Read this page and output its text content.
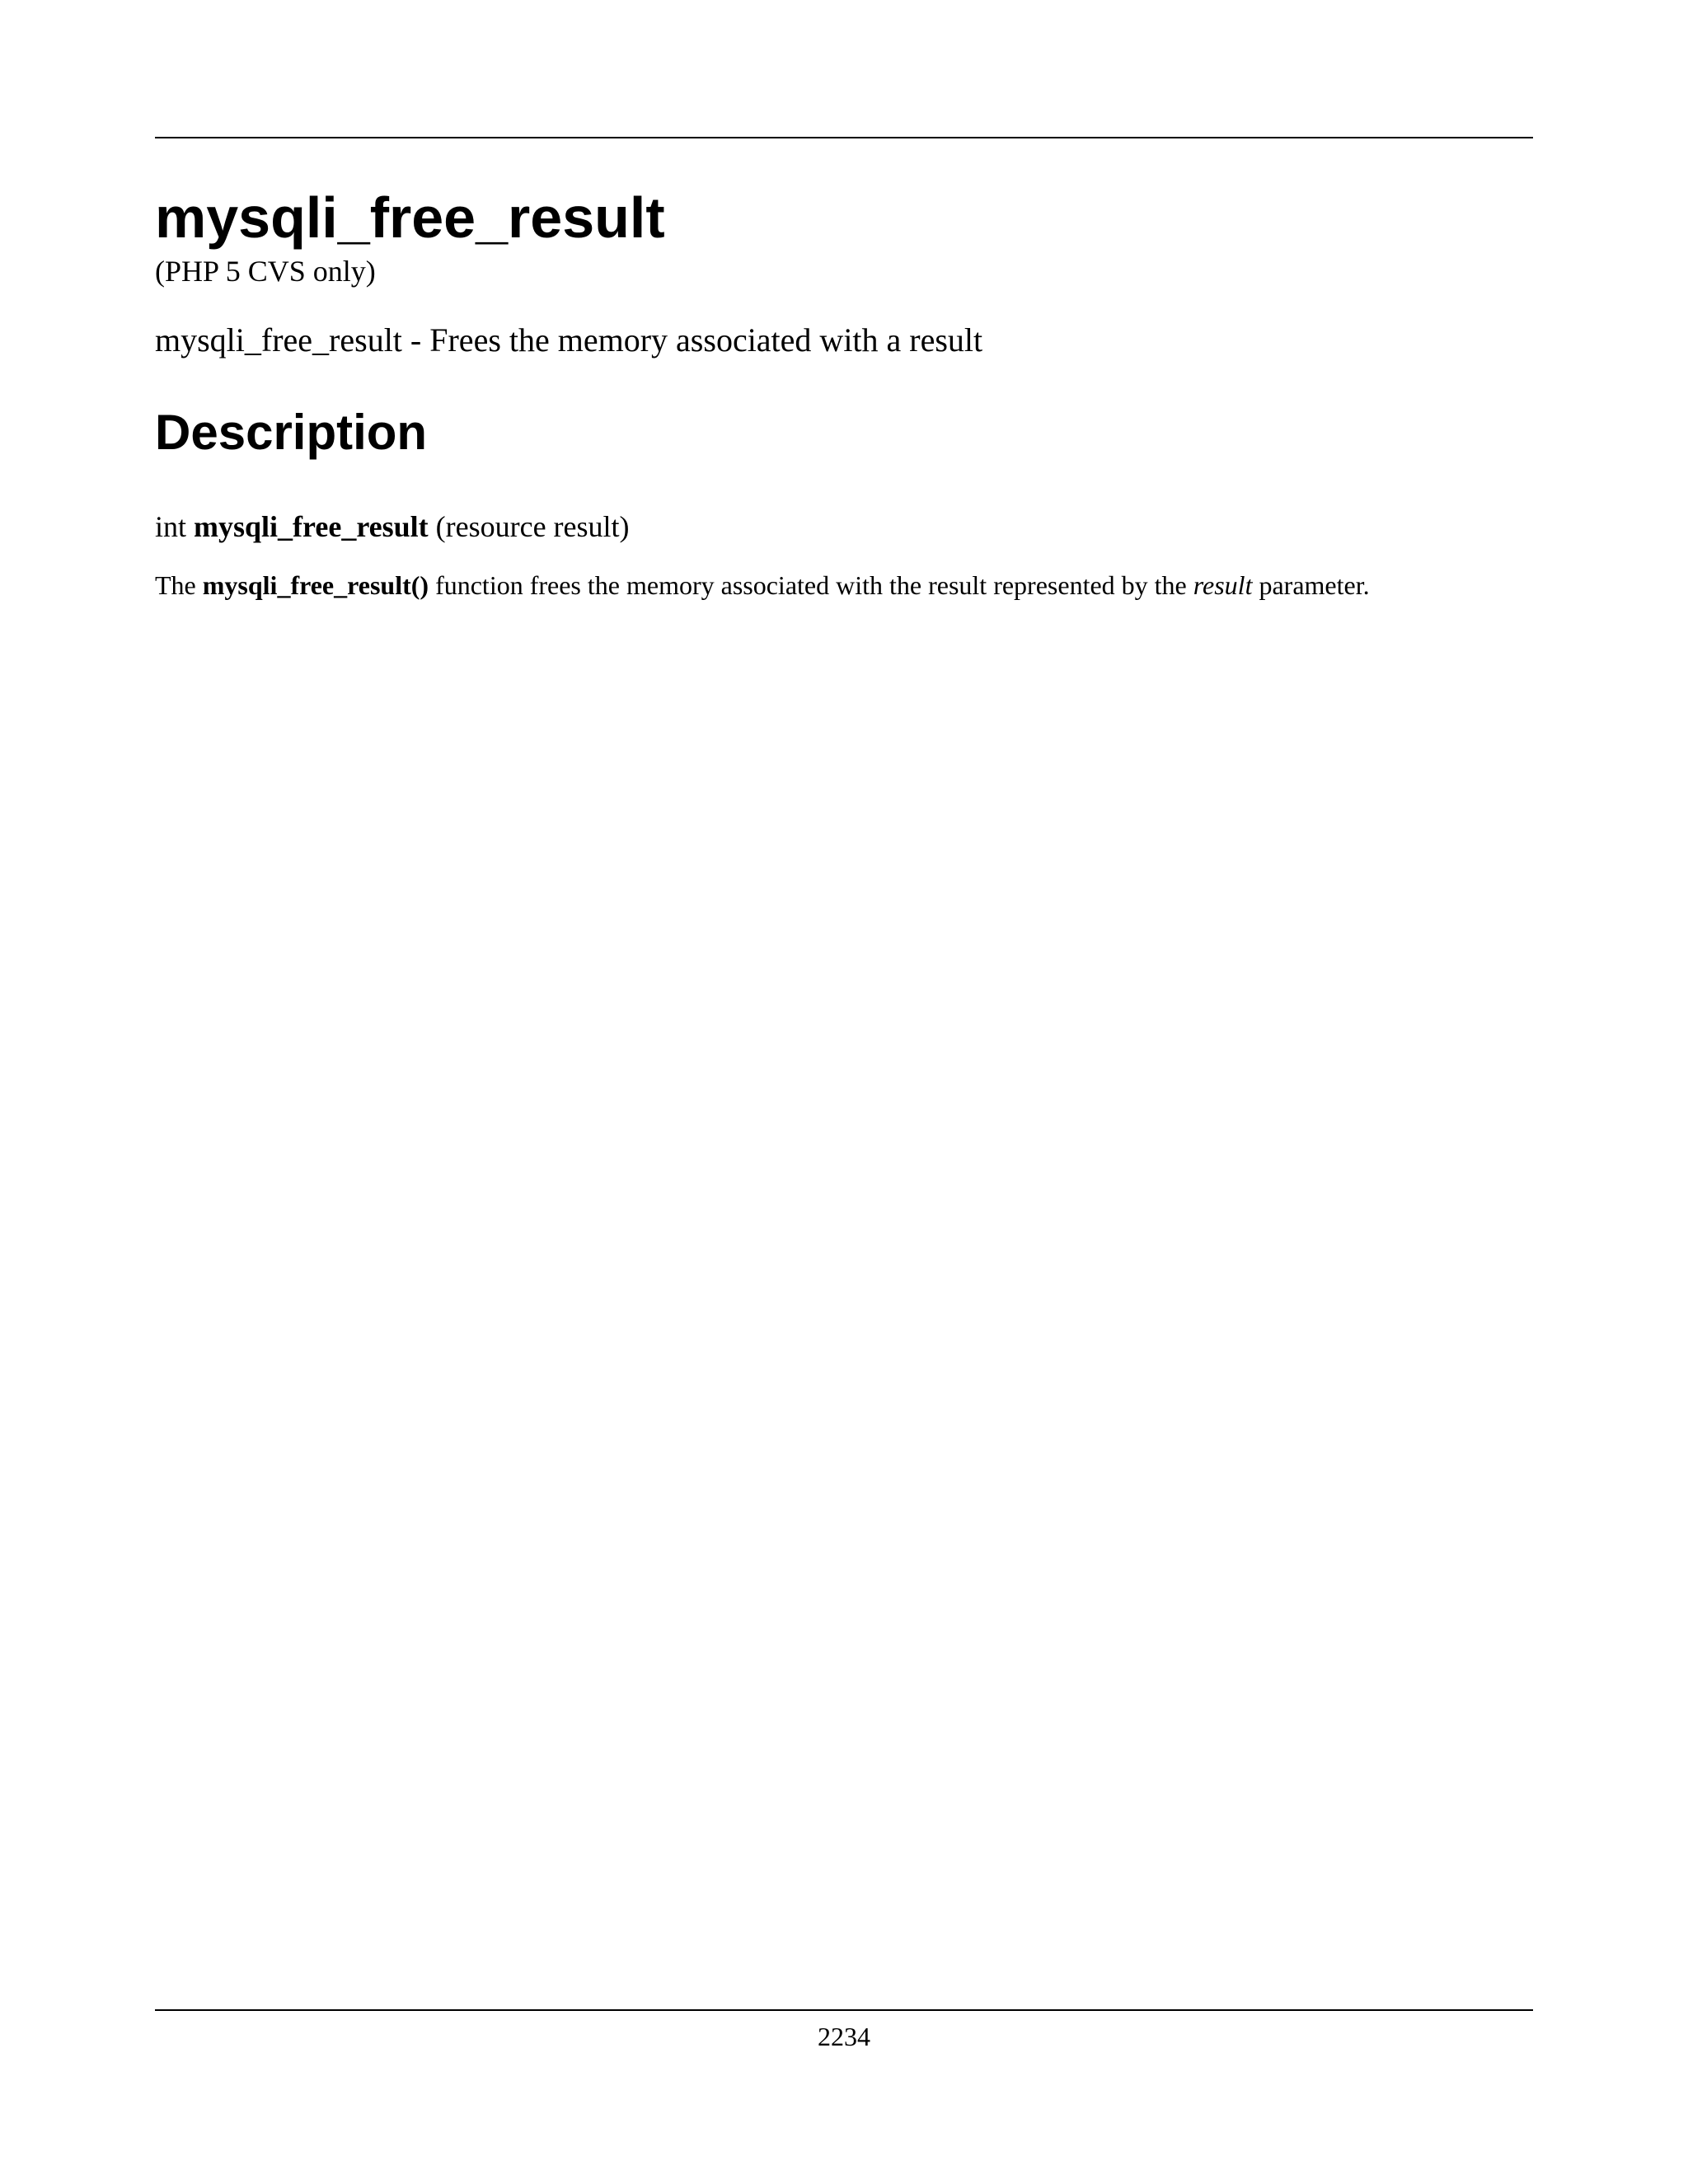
mysqli_free_result

(PHP 5 CVS only)

mysqli_free_result - Frees the memory associated with a result

Description

int mysqli_free_result (resource result)

The mysqli_free_result() function frees the memory associated with the result represented by the result parameter.

2234
